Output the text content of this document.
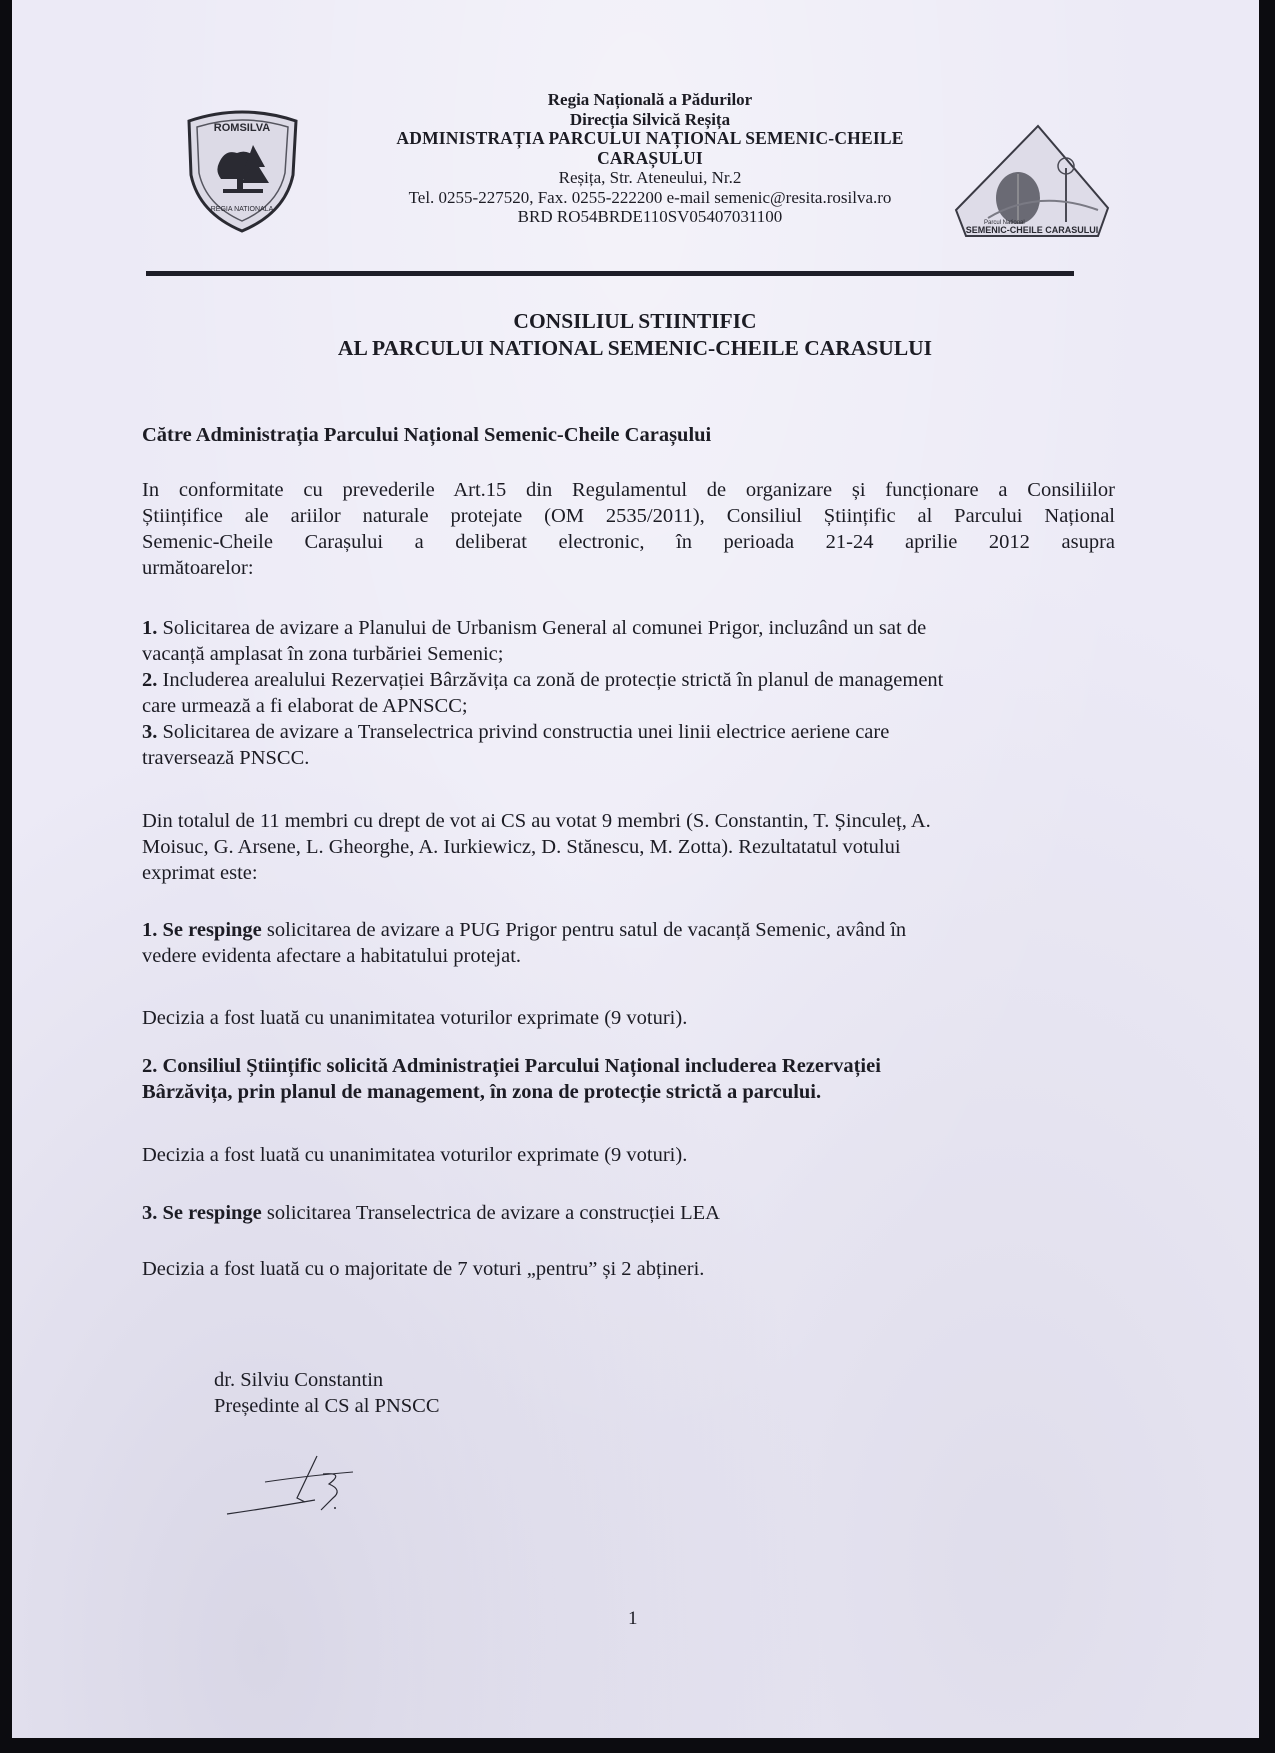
ROMSILVA
REGIA NATIONALA
Regia Națională a Pădurilor
Direcția Silvică Reșița
ADMINISTRAȚIA PARCULUI NAȚIONAL SEMENIC-CHEILE
CARAȘULUI
Reșița, Str. Ateneului, Nr.2
Tel. 0255-227520, Fax. 0255-222200 e-mail semenic@resita.rosilva.ro
BRD RO54BRDE110SV05407031100	Parcul National
SEMENIC-CHEILE CARASULUI
CONSILIUL STIINTIFIC
AL PARCULUI NATIONAL SEMENIC-CHEILE CARASULUI
Către Administrația Parcului Național Semenic-Cheile Carașului
In conformitate cu prevederile Art.15 din Regulamentul de organizare și funcționare a Consiliilor
Științifice ale ariilor naturale protejate (OM 2535/2011), Consiliul Științific al Parcului Național
Semenic-Cheile Carașului a deliberat electronic, în perioada 21-24 aprilie 2012 asupra
următoarelor:
1. Solicitarea de avizare a Planului de Urbanism General al comunei Prigor, incluzând un sat de
vacanță amplasat în zona turbăriei Semenic;
2. Includerea arealului Rezervației Bârzăvița ca zonă de protecție strictă în planul de management
care urmează a fi elaborat de APNSCC;
3. Solicitarea de avizare a Transelectrica privind constructia unei linii electrice aeriene care
traversează PNSCC.
Din totalul de 11 membri cu drept de vot ai CS au votat 9 membri (S. Constantin, T. Șinculeț, A.
Moisuc, G. Arsene, L. Gheorghe, A. Iurkiewicz, D. Stănescu, M. Zotta). Rezultatatul votului
exprimat este:
1. Se respinge solicitarea de avizare a PUG Prigor pentru satul de vacanță Semenic, având în
vedere evidenta afectare a habitatului protejat.
Decizia a fost luată cu unanimitatea voturilor exprimate (9 voturi).
2. Consiliul Științific solicită Administrației Parcului Național includerea Rezervației
Bârzăvița, prin planul de management, în zona de protecție strictă a parcului.
Decizia a fost luată cu unanimitatea voturilor exprimate (9 voturi).
3. Se respinge solicitarea Transelectrica de avizare a construcției LEA
Decizia a fost luată cu o majoritate de 7 voturi „pentru” și 2 abțineri.
dr. Silviu Constantin
Președinte al CS al PNSCC
1
